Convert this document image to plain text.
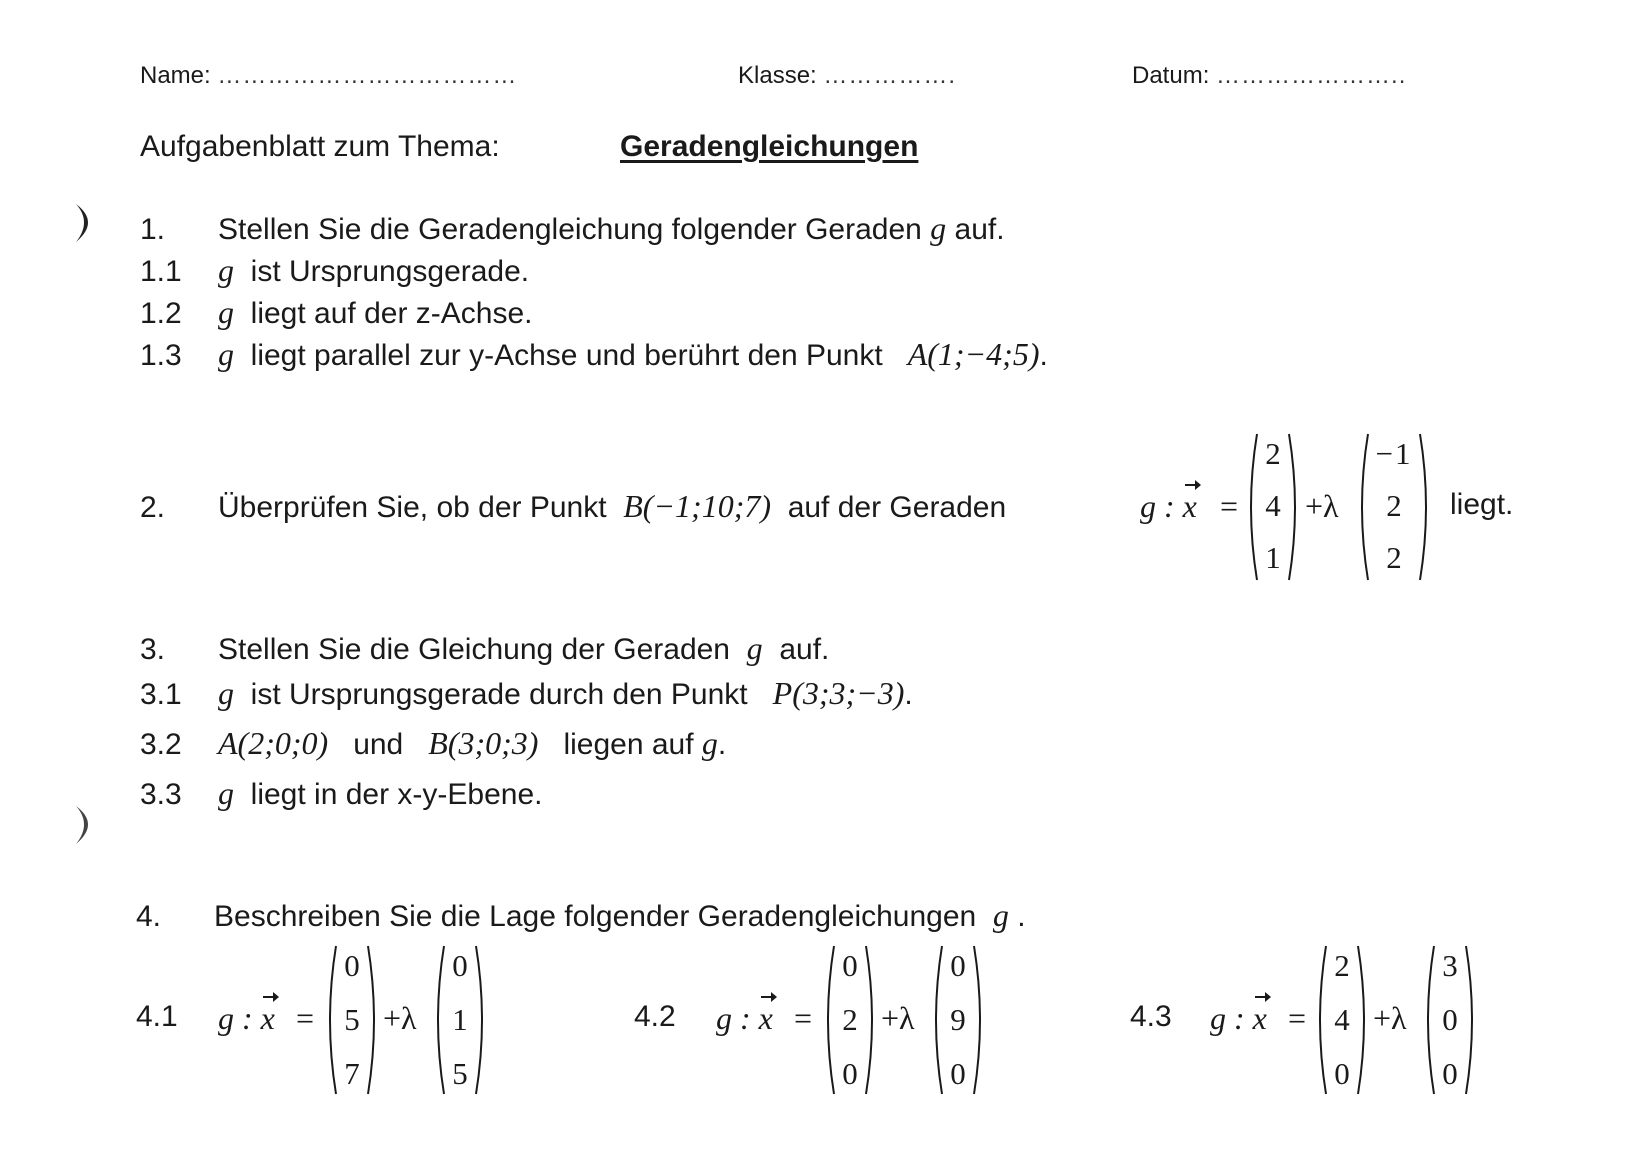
Name: ………………………………	Klasse: …………….	Datum: …………………..
Aufgabenblatt zum Thema:	Geradengleichungen
1. Stellen Sie die Geradengleichung folgender Geraden g auf.
1.1 g ist Ursprungsgerade.
1.2 g liegt auf der z-Achse.
1.3 g liegt parallel zur y-Achse und berührt den Punkt A(1;−4;5).
2. Überprüfen Sie, ob der Punkt B(−1;10;7) auf der Geraden	g : x =
2
4
1
+λ
−1
2
2
liegt.
3. Stellen Sie die Gleichung der Geraden g auf.
3.1 g ist Ursprungsgerade durch den Punkt P(3;3;−3).
3.2 A(2;0;0) und B(3;0;3) liegen auf g.
3.3 g liegt in der x-y-Ebene.
4. Beschreiben Sie die Lage folgender Geradengleichungen g .
4.1 g : x =
0
5
7
+λ
0
1
5
4.2 g : x =
0
2
0
+λ
0
9
0
4.3 g : x =
2
4
0
+λ
3
0
0
